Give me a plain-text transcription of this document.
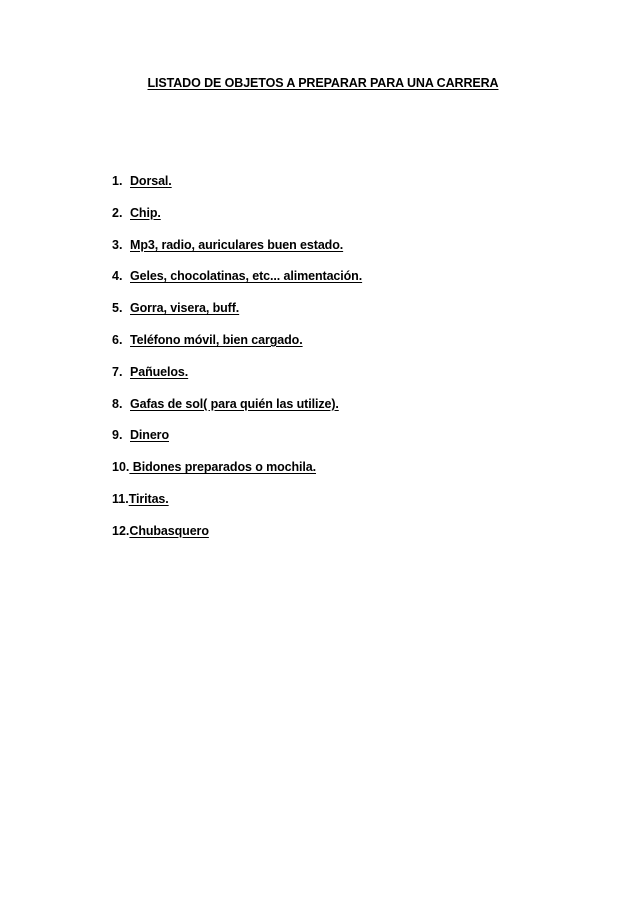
LISTADO DE OBJETOS A PREPARAR PARA UNA CARRERA
1. Dorsal.
2. Chip.
3. Mp3, radio, auriculares buen estado.
4. Geles, chocolatinas, etc... alimentación.
5. Gorra, visera, buff.
6. Teléfono móvil, bien cargado.
7. Pañuelos.
8. Gafas de sol( para quién las utilize).
9. Dinero
10. Bidones preparados o mochila.
11.Tiritas.
12.Chubasquero
